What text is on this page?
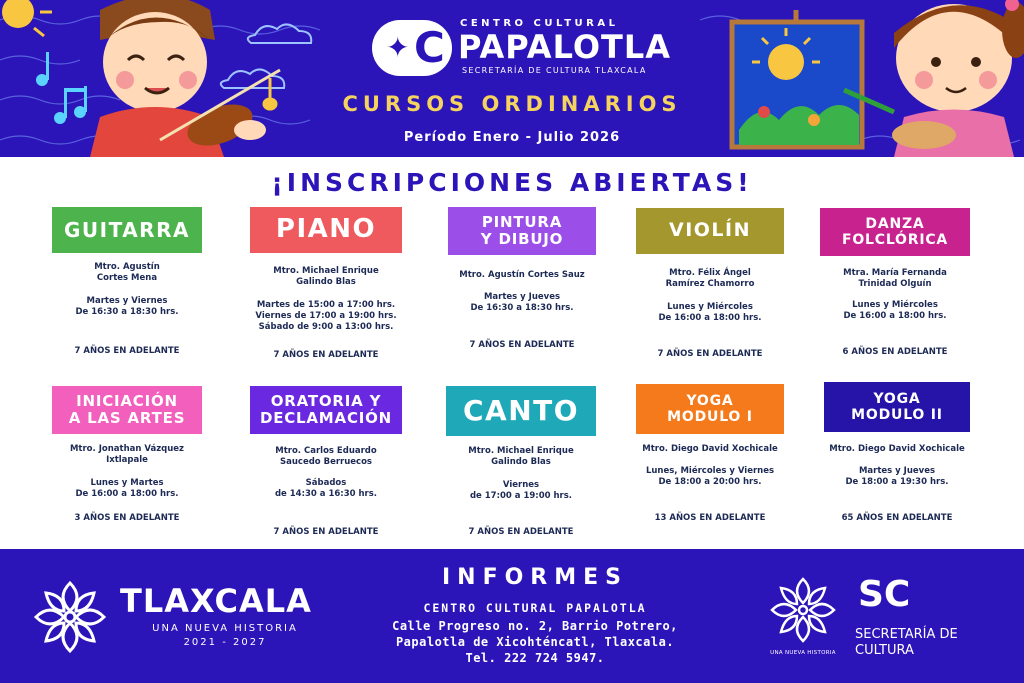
✦ C CENTRO CULTURAL
PAPALOTLA
SECRETARÍA DE CULTURA TLAXCALA
CURSOS ORDINARIOS
Período Enero - Julio 2026
¡INSCRIPCIONES ABIERTAS!
GUITARRA
Mtro. Agustín
Cortes Mena
Martes y Viernes
De 16:30 a 18:30 hrs.
7 AÑOS EN ADELANTE
PIANO
Mtro. Michael Enrique
Galindo Blas
Martes de 15:00 a 17:00 hrs.
Viernes de 17:00 a 19:00 hrs.
Sábado de 9:00 a 13:00 hrs.
7 AÑOS EN ADELANTE
PINTURA
Y DIBUJO
Mtro. Agustín Cortes Sauz
Martes y Jueves
De 16:30 a 18:30 hrs.
7 AÑOS EN ADELANTE
VIOLÍN
Mtro. Félix Ángel
Ramírez Chamorro
Lunes y Miércoles
De 16:00 a 18:00 hrs.
7 AÑOS EN ADELANTE
DANZA
FOLCLÓRICA
Mtra. María Fernanda
Trinidad Olguín
Lunes y Miércoles
De 16:00 a 18:00 hrs.
6 AÑOS EN ADELANTE
INICIACIÓN
A LAS ARTES
Mtro. Jonathan Vázquez
Ixtlapale
Lunes y Martes
De 16:00 a 18:00 hrs.
3 AÑOS EN ADELANTE
ORATORIA Y
DECLAMACIÓN
Mtro. Carlos Eduardo
Saucedo Berruecos
Sábados
de 14:30 a 16:30 hrs.
7 AÑOS EN ADELANTE
CANTO
Mtro. Michael Enrique
Galindo Blas
Viernes
de 17:00 a 19:00 hrs.
7 AÑOS EN ADELANTE
YOGA
MODULO I
Mtro. Diego David Xochicale
Lunes, Miércoles y Viernes
De 18:00 a 20:00 hrs.
13 AÑOS EN ADELANTE
YOGA
MODULO II
Mtro. Diego David Xochicale
Martes y Jueves
De 18:00 a 19:30 hrs.
65 AÑOS EN ADELANTE
TLAXCALA
UNA NUEVA HISTORIA
2021 - 2027
INFORMES
CENTRO CULTURAL PAPALOTLA
Calle Progreso no. 2, Barrio Potrero,
Papalotla de Xicohténcatl, Tlaxcala.
Tel. 222 724 5947.	UNA NUEVA HISTORIA
SC
SECRETARÍA DE
CULTURA
